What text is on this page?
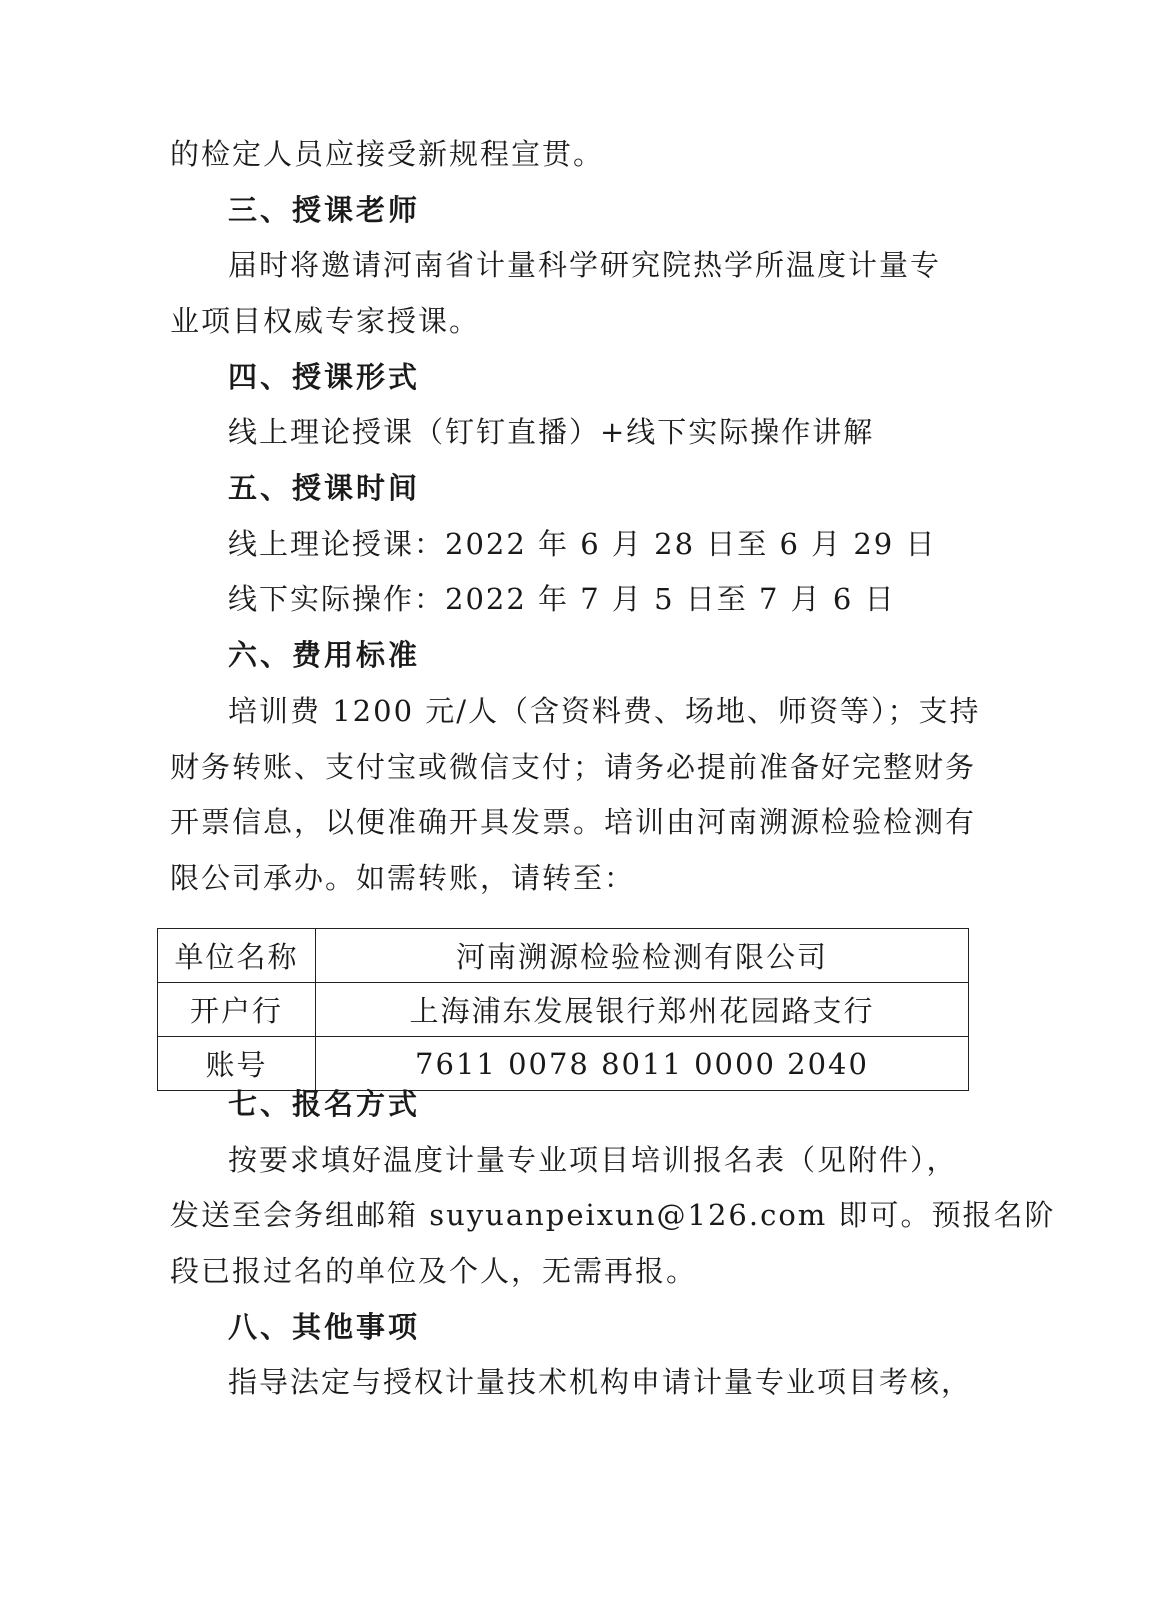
的检定人员应接受新规程宣贯。
三、授课老师
届时将邀请河南省计量科学研究院热学所温度计量专
业项目权威专家授课。
四、授课形式
线上理论授课（钉钉直播）+线下实际操作讲解
五、授课时间
线上理论授课：2022 年 6 月 28 日至 6 月 29 日
线下实际操作：2022 年 7 月 5 日至 7 月 6 日
六、费用标准
培训费 1200 元/人（含资料费、场地、师资等）；支持
财务转账、支付宝或微信支付；请务必提前准备好完整财务
开票信息，以便准确开具发票。培训由河南溯源检验检测有
限公司承办。如需转账，请转至：
单位名称	河南溯源检验检测有限公司
开户行	上海浦东发展银行郑州花园路支行
账号	7611 0078 8011 0000 2040
七、报名方式
按要求填好温度计量专业项目培训报名表（见附件），
发送至会务组邮箱 suyuanpeixun@126.com 即可。预报名阶
段已报过名的单位及个人，无需再报。
八、其他事项
指导法定与授权计量技术机构申请计量专业项目考核，
